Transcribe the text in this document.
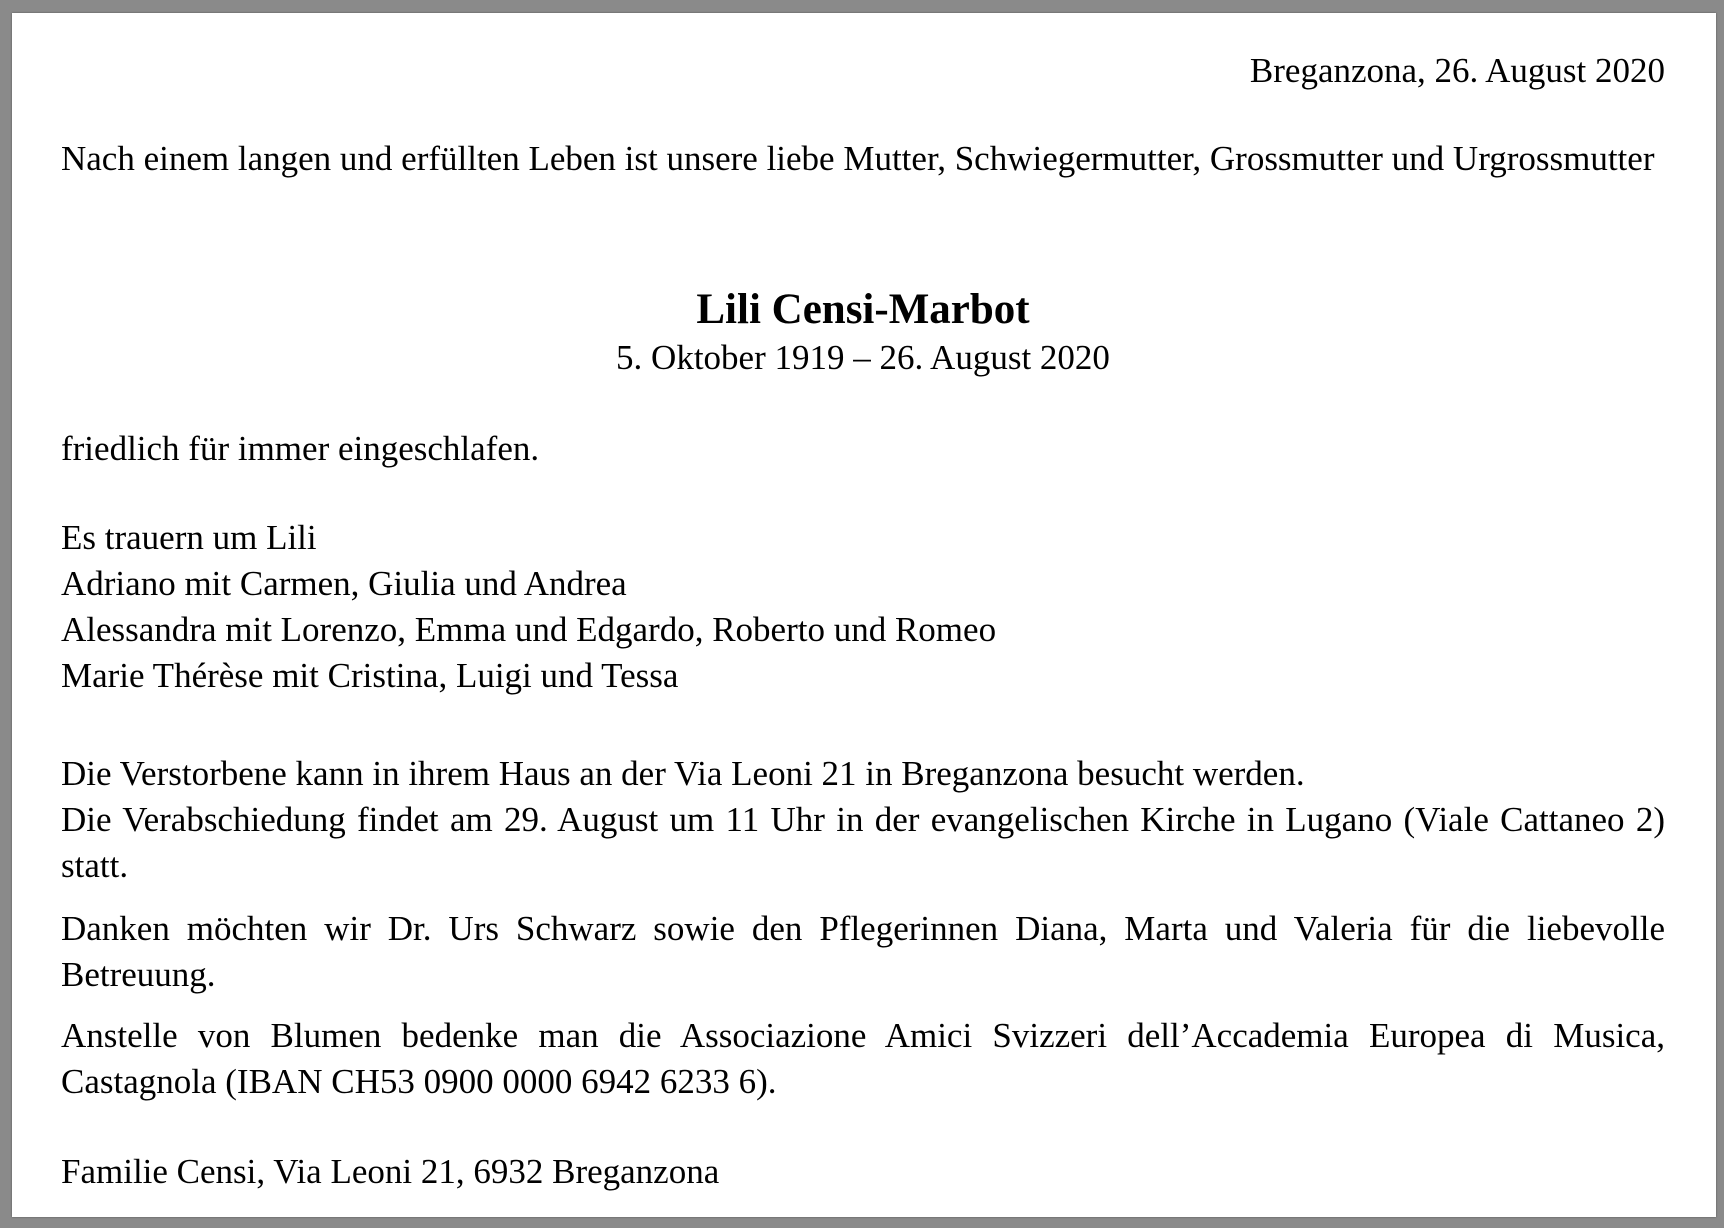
Breganzona, 26. August 2020
Nach einem langen und erfüllten Leben ist unsere liebe Mutter, Schwiegermutter, Grossmutter und Urgrossmutter
Lili Censi-Marbot
5. Oktober 1919 – 26. August 2020
friedlich für immer eingeschlafen.
Es trauern um Lili
Adriano mit Carmen, Giulia und Andrea
Alessandra mit Lorenzo, Emma und Edgardo, Roberto und Romeo
Marie Thérèse mit Cristina, Luigi und Tessa
Die Verstorbene kann in ihrem Haus an der Via Leoni 21 in Breganzona besucht werden.
Die Verabschiedung findet am 29. August um 11 Uhr in der evangelischen Kirche in Lugano (Viale Cattaneo 2) statt.
Danken möchten wir Dr. Urs Schwarz sowie den Pflegerinnen Diana, Marta und Valeria für die liebevolle Betreuung.
Anstelle von Blumen bedenke man die Associazione Amici Svizzeri dell’Accademia Europea di Musica, Castagnola (IBAN CH53 0900 0000 6942 6233 6).
Familie Censi, Via Leoni 21, 6932 Breganzona
